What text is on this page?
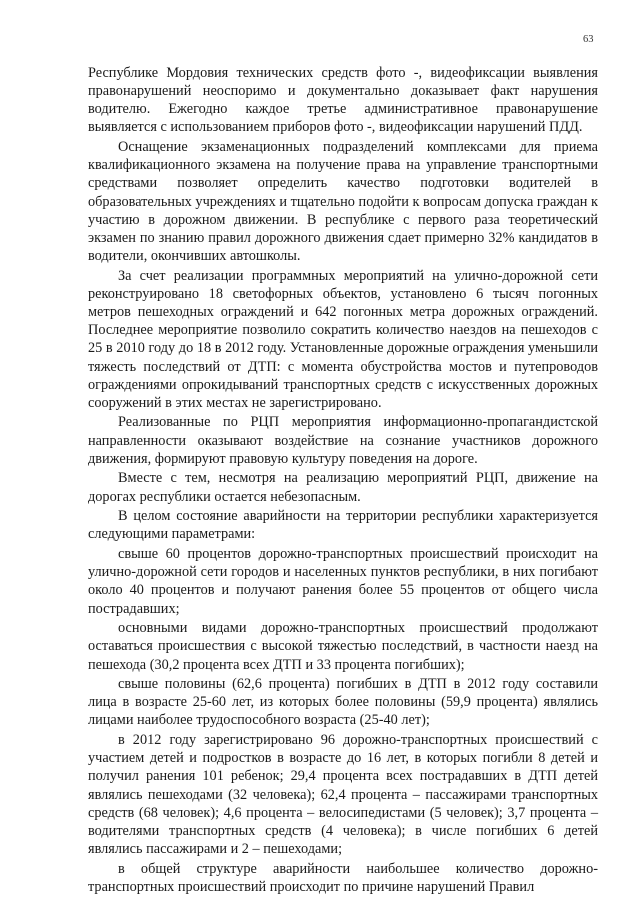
63

Республике Мордовия технических средств фото -, видеофиксации выявления правонарушений неоспоримо и документально доказывает факт нарушения водителю. Ежегодно каждое третье административное правонарушение выявляется с использованием приборов фото -, видеофиксации нарушений ПДД.

Оснащение экзаменационных подразделений комплексами для приема квалификационного экзамена на получение права на управление транспортными средствами позволяет определить качество подготовки водителей в образовательных учреждениях и тщательно подойти к вопросам допуска граждан к участию в дорожном движении. В республике с первого раза теоретический экзамен по знанию правил дорожного движения сдает примерно 32% кандидатов в водители, окончивших автошколы.

За счет реализации программных мероприятий на улично-дорожной сети реконструировано 18 светофорных объектов, установлено 6 тысяч погонных метров пешеходных ограждений и 642 погонных метра дорожных ограждений. Последнее мероприятие позволило сократить количество наездов на пешеходов с 25 в 2010 году до 18 в 2012 году. Установленные дорожные ограждения уменьшили тяжесть последствий от ДТП: с момента обустройства мостов и путепроводов ограждениями опрокидываний транспортных средств с искусственных дорожных сооружений в этих местах не зарегистрировано.

Реализованные по РЦП мероприятия информационно-пропагандистской направленности оказывают воздействие на сознание участников дорожного движения, формируют правовую культуру поведения на дороге.

Вместе с тем, несмотря на реализацию мероприятий РЦП, движение на дорогах республики остается небезопасным.

В целом состояние аварийности на территории республики характеризуется следующими параметрами:

свыше 60 процентов дорожно-транспортных происшествий происходит на улично-дорожной сети городов и населенных пунктов республики, в них погибают около 40 процентов и получают ранения более 55 процентов от общего числа пострадавших;

основными видами дорожно-транспортных происшествий продолжают оставаться происшествия с высокой тяжестью последствий, в частности наезд на пешехода (30,2 процента всех ДТП и 33 процента погибших);

свыше половины (62,6 процента) погибших в ДТП в 2012 году составили лица в возрасте 25-60 лет, из которых более половины (59,9 процента) являлись лицами наиболее трудоспособного возраста (25-40 лет);

в 2012 году зарегистрировано 96 дорожно-транспортных происшествий с участием детей и подростков в возрасте до 16 лет, в которых погибли 8 детей и получил ранения 101 ребенок; 29,4 процента всех пострадавших в ДТП детей являлись пешеходами (32 человека); 62,4 процента – пассажирами транспортных средств (68 человек); 4,6 процента – велосипедистами (5 человек); 3,7 процента – водителями транспортных средств (4 человека); в числе погибших 6 детей являлись пассажирами и 2 – пешеходами;

в общей структуре аварийности наибольшее количество дорожно-транспортных происшествий происходит по причине нарушений Правил
